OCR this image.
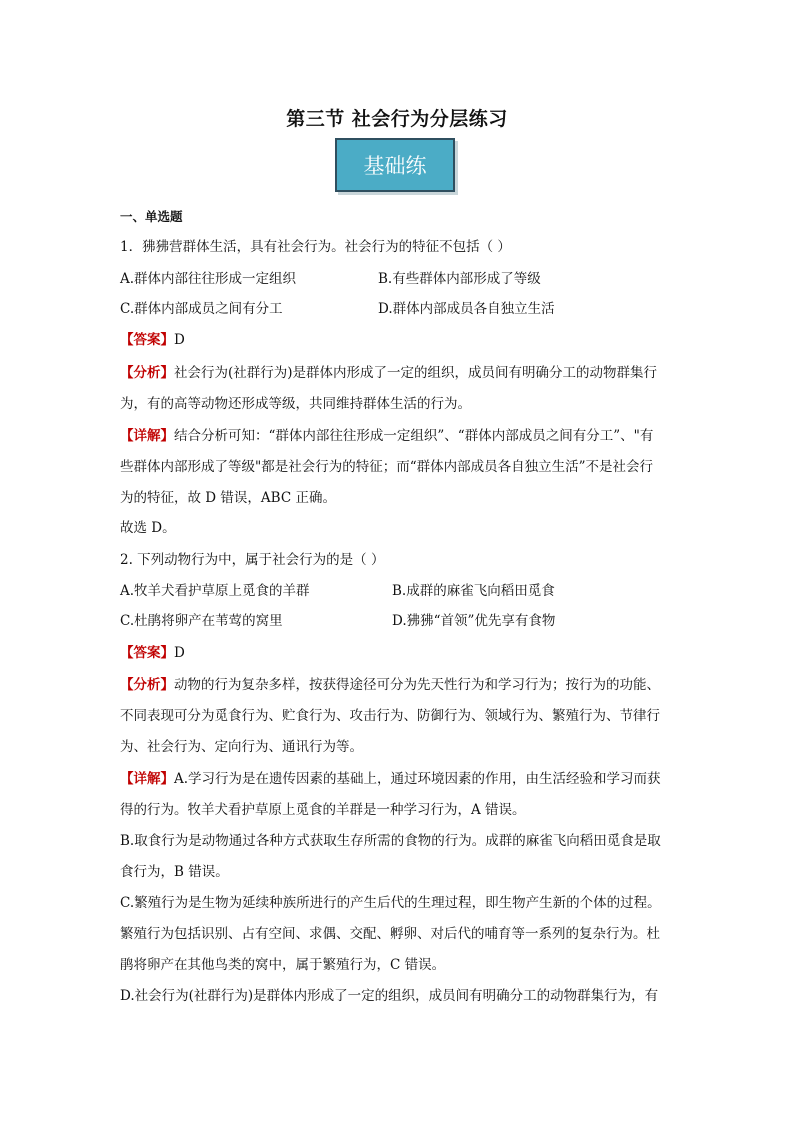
第三节 社会行为分层练习
基础练
一、单选题
1．狒狒营群体生活，具有社会行为。社会行为的特征不包括（ ）
A.群体内部往往形成一定组织	B.有些群体内部形成了等级
C.群体内部成员之间有分工	D.群体内部成员各自独立生活
【答案】D
【分析】社会行为(社群行为)是群体内形成了一定的组织，成员间有明确分工的动物群集行
为，有的高等动物还形成等级，共同维持群体生活的行为。
【详解】结合分析可知：“群体内部往往形成一定组织”、“群体内部成员之间有分工”、"有
些群体内部形成了等级"都是社会行为的特征；而“群体内部成员各自独立生活”不是社会行
为的特征，故 D 错误，ABC 正确。
故选 D。
2. 下列动物行为中，属于社会行为的是（ ）
A.牧羊犬看护草原上觅食的羊群	B.成群的麻雀飞向稻田觅食
C.杜鹃将卵产在苇莺的窝里	D.狒狒“首领”优先享有食物
【答案】D
【分析】动物的行为复杂多样，按获得途径可分为先天性行为和学习行为；按行为的功能、
不同表现可分为觅食行为、贮食行为、攻击行为、防御行为、领域行为、繁殖行为、节律行
为、社会行为、定向行为、通讯行为等。
【详解】A.学习行为是在遗传因素的基础上，通过环境因素的作用，由生活经验和学习而获
得的行为。牧羊犬看护草原上觅食的羊群是一种学习行为，A 错误。
B.取食行为是动物通过各种方式获取生存所需的食物的行为。成群的麻雀飞向稻田觅食是取
食行为，B 错误。
C.繁殖行为是生物为延续种族所进行的产生后代的生理过程，即生物产生新的个体的过程。
繁殖行为包括识别、占有空间、求偶、交配、孵卵、对后代的哺育等一系列的复杂行为。杜
鹃将卵产在其他鸟类的窝中，属于繁殖行为，C 错误。
D.社会行为(社群行为)是群体内形成了一定的组织，成员间有明确分工的动物群集行为，有
